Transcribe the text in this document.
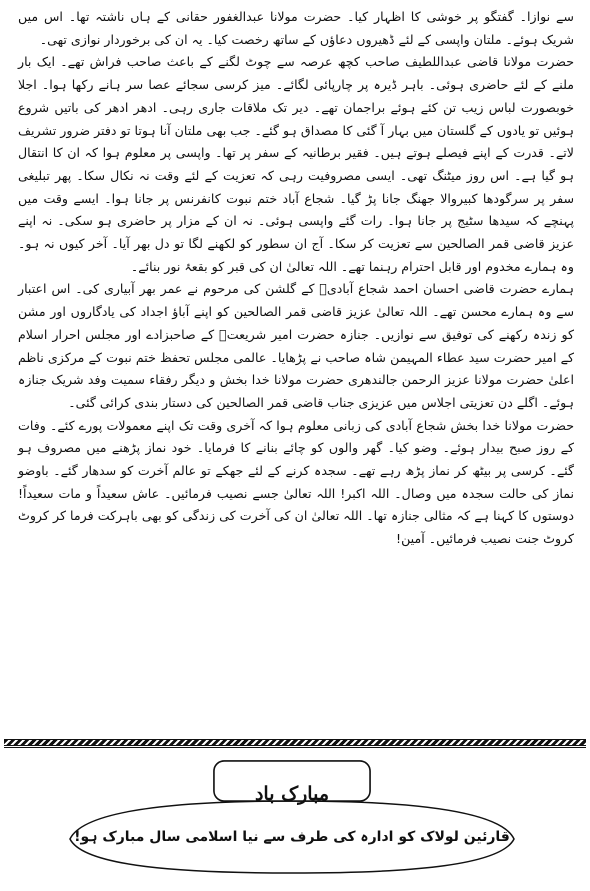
سے نوازا۔ گفتگو پر خوشی کا اظہار کیا۔ حضرت مولانا عبدالغفور حقانی کے ہاں ناشتہ تھا۔ اس میں شریک ہوئے۔ ملتان واپسی کے لئے ڈھیروں دعاؤں کے ساتھ رخصت کیا۔ یہ ان کی برخوردار نوازی تھی۔

حضرت مولانا قاضی عبداللطیف صاحب کچھ عرصہ سے چوٹ لگنے کے باعث صاحب فراش تھے۔ ایک بار ملنے کے لئے حاضری ہوئی۔ باہر ڈیرہ پر چارپائی لگائے۔ میز کرسی سجائے عصا سر ہانے رکھا ہوا۔ اجلا خوبصورت لباس زیب تن کئے ہوئے براجمان تھے۔ دیر تک ملاقات جاری رہی۔ ادھر ادھر کی باتیں شروع ہوئیں تو یادوں کے گلستان میں بہار آ گئی کا مصداق ہو گئے۔ جب بھی ملتان آنا ہوتا تو دفتر ضرور تشریف لاتے۔ قدرت کے اپنے فیصلے ہوتے ہیں۔ فقیر برطانیہ کے سفر پر تھا۔ واپسی پر معلوم ہوا کہ ان کا انتقال ہو گیا ہے۔ اس روز میٹنگ تھی۔ ایسی مصروفیت رہی کہ تعزیت کے لئے وقت نہ نکال سکا۔ پھر تبلیغی سفر پر سرگودھا کبیروالا جھنگ جانا پڑ گیا۔ شجاع آباد ختم نبوت کانفرنس پر جانا ہوا۔ ایسے وقت میں پہنچے کہ سیدھا سٹیج پر جانا ہوا۔ رات گئے واپسی ہوئی۔ نہ ان کے مزار پر حاضری ہو سکی۔ نہ اپنے عزیز قاضی قمر الصالحین سے تعزیت کر سکا۔ آج ان سطور کو لکھنے لگا تو دل بھر آیا۔ آخر کیوں نہ ہو۔ وہ ہمارے مخدوم اور قابل احترام رہنما تھے۔ اللہ تعالیٰ ان کی قبر کو بقعۂ نور بنائے۔

ہمارے حضرت قاضی احسان احمد شجاع آبادیؒ کے گلشن کی مرحوم نے عمر بھر آبیاری کی۔ اس اعتبار سے وہ ہمارے محسن تھے۔ اللہ تعالیٰ عزیز قاضی قمر الصالحین کو اپنے آباؤ اجداد کی یادگاروں اور مشن کو زندہ رکھنے کی توفیق سے نوازیں۔ جنازہ حضرت امیر شریعتؒ کے صاحبزادے اور مجلس احرار اسلام کے امیر حضرت سید عطاء المہیمن شاہ صاحب نے پڑھایا۔ عالمی مجلس تحفظ ختم نبوت کے مرکزی ناظم اعلیٰ حضرت مولانا عزیز الرحمن جالندھری حضرت مولانا خدا بخش و دیگر رفقاء سمیت وفد شریک جنازہ ہوئے۔ اگلے دن تعزیتی اجلاس میں عزیزی جناب قاضی قمر الصالحین کی دستار بندی کرائی گئی۔

حضرت مولانا خدا بخش شجاع آبادی کی زبانی معلوم ہوا کہ آخری وقت تک اپنے معمولات پورے کئے۔ وفات کے روز صبح بیدار ہوئے۔ وضو کیا۔ گھر والوں کو چائے بنانے کا فرمایا۔ خود نماز پڑھنے میں مصروف ہو گئے۔ کرسی پر بیٹھ کر نماز پڑھ رہے تھے۔ سجدہ کرنے کے لئے جھکے تو عالم آخرت کو سدھار گئے۔ باوضو نماز کی حالت سجدہ میں وصال۔ اللہ اکبر! اللہ تعالیٰ جسے نصیب فرمائیں۔ عاش سعیداً و مات سعیداً! دوستوں کا کہنا ہے کہ مثالی جنازہ تھا۔ اللہ تعالیٰ ان کی آخرت کی زندگی کو بھی باہرکت فرما کر کروٹ کروٹ جنت نصیب فرمائیں۔ آمین!

مبارک باد
قارئین لولاک کو ادارہ کی طرف سے نیا اسلامی سال مبارک ہو!
